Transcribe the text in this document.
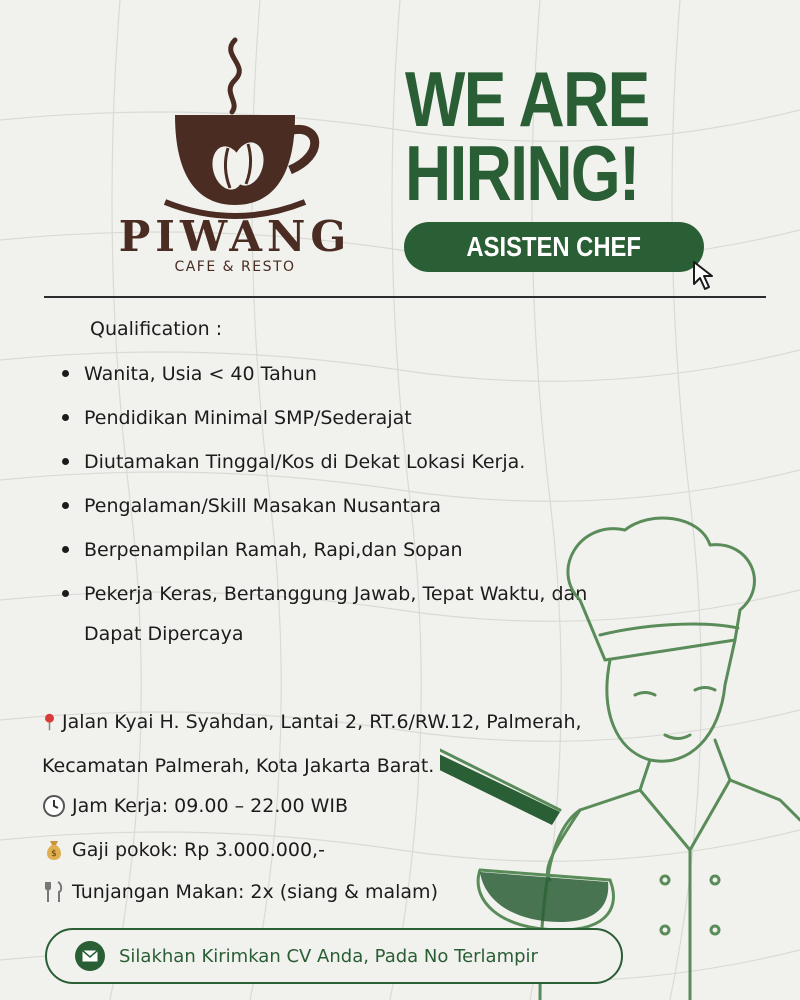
PIWANG
CAFE & RESTO
WE ARE
HIRING!
ASISTEN CHEF
Qualification :
Wanita, Usia < 40 Tahun
Pendidikan Minimal SMP/Sederajat
Diutamakan Tinggal/Kos di Dekat Lokasi Kerja.
Pengalaman/Skill Masakan Nusantara
Berpenampilan Ramah, Rapi,dan Sopan
Pekerja Keras, Bertanggung Jawab, Tepat Waktu, dan
Dapat Dipercaya
Jalan Kyai H. Syahdan, Lantai 2, RT.6/RW.12, Palmerah,
Kecamatan Palmerah, Kota Jakarta Barat.
Jam Kerja: 09.00 – 22.00 WIB
$ Gaji pokok: Rp 3.000.000,-
Tunjangan Makan: 2x (siang & malam)
Silakhan Kirimkan CV Anda, Pada No Terlampir
